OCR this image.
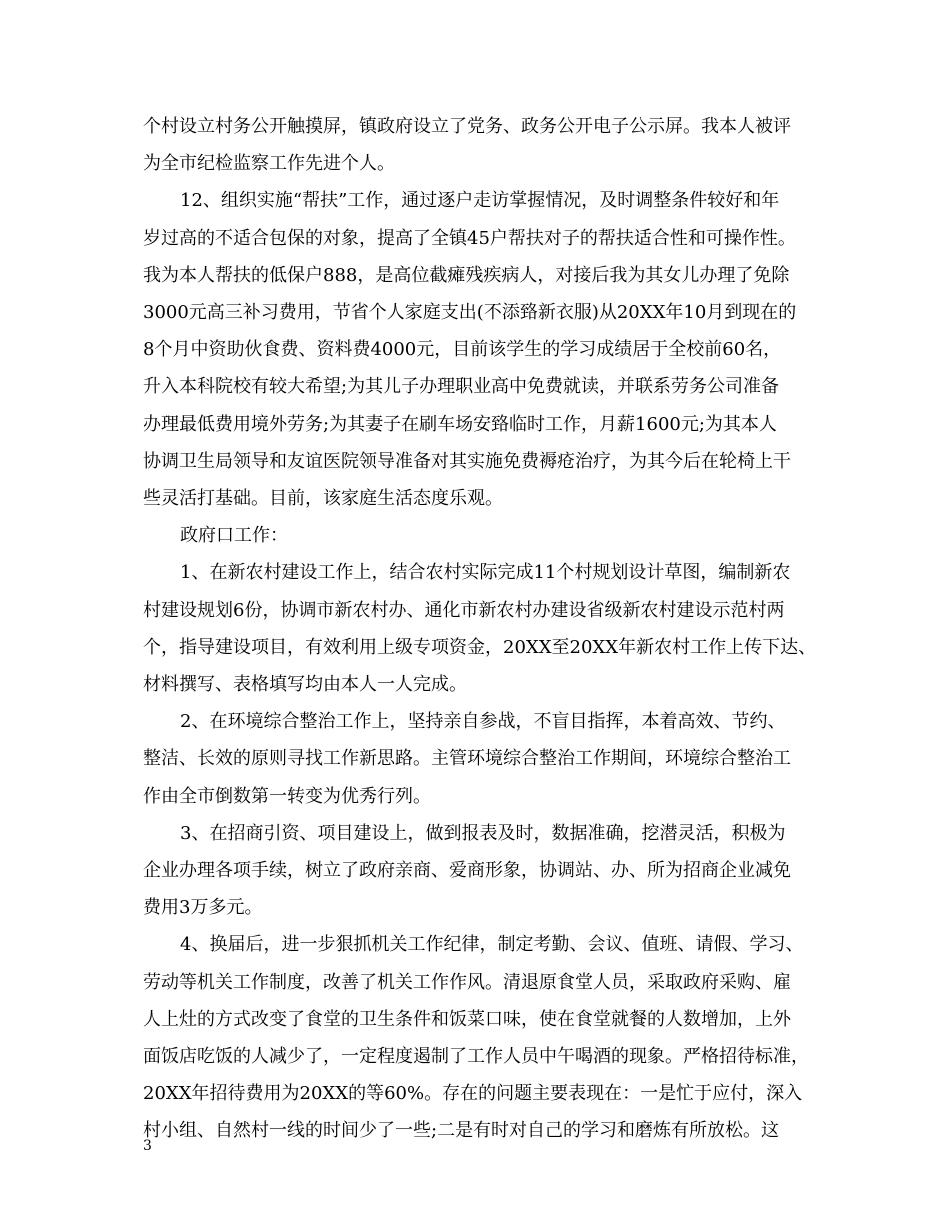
个村设立村务公开触摸屏，镇政府设立了党务、政务公开电子公示屏。我本人被评
为全市纪检监察工作先进个人。
12、组织实施“帮扶”工作，通过逐户走访掌握情况，及时调整条件较好和年
岁过高的不适合包保的对象，提高了全镇45户帮扶对子的帮扶适合性和可操作性。
我为本人帮扶的低保户888，是高位截瘫残疾病人，对接后我为其女儿办理了免除
3000元高三补习费用，节省个人家庭支出(不添臵新衣服)从20XX年10月到现在的
8个月中资助伙食费、资料费4000元，目前该学生的学习成绩居于全校前60名，
升入本科院校有较大希望;为其儿子办理职业高中免费就读，并联系劳务公司准备
办理最低费用境外劳务;为其妻子在刷车场安臵临时工作，月薪1600元;为其本人
协调卫生局领导和友谊医院领导准备对其实施免费褥疮治疗，为其今后在轮椅上干
些灵活打基础。目前，该家庭生活态度乐观。
政府口工作：
1、在新农村建设工作上，结合农村实际完成11个村规划设计草图，编制新农
村建设规划6份，协调市新农村办、通化市新农村办建设省级新农村建设示范村两
个，指导建设项目，有效利用上级专项资金，20XX至20XX年新农村工作上传下达、
材料撰写、表格填写均由本人一人完成。
2、在环境综合整治工作上，坚持亲自参战，不盲目指挥，本着高效、节约、
整洁、长效的原则寻找工作新思路。主管环境综合整治工作期间，环境综合整治工
作由全市倒数第一转变为优秀行列。
3、在招商引资、项目建设上，做到报表及时，数据准确，挖潜灵活，积极为
企业办理各项手续，树立了政府亲商、爱商形象，协调站、办、所为招商企业减免
费用3万多元。
4、换届后，进一步狠抓机关工作纪律，制定考勤、会议、值班、请假、学习、
劳动等机关工作制度，改善了机关工作作风。清退原食堂人员，采取政府采购、雇
人上灶的方式改变了食堂的卫生条件和饭菜口味，使在食堂就餐的人数增加，上外
面饭店吃饭的人减少了，一定程度遏制了工作人员中午喝酒的现象。严格招待标准，
20XX年招待费用为20XX的等60%。存在的问题主要表现在：一是忙于应付，深入
村小组、自然村一线的时间少了一些;二是有时对自己的学习和磨炼有所放松。这
3
